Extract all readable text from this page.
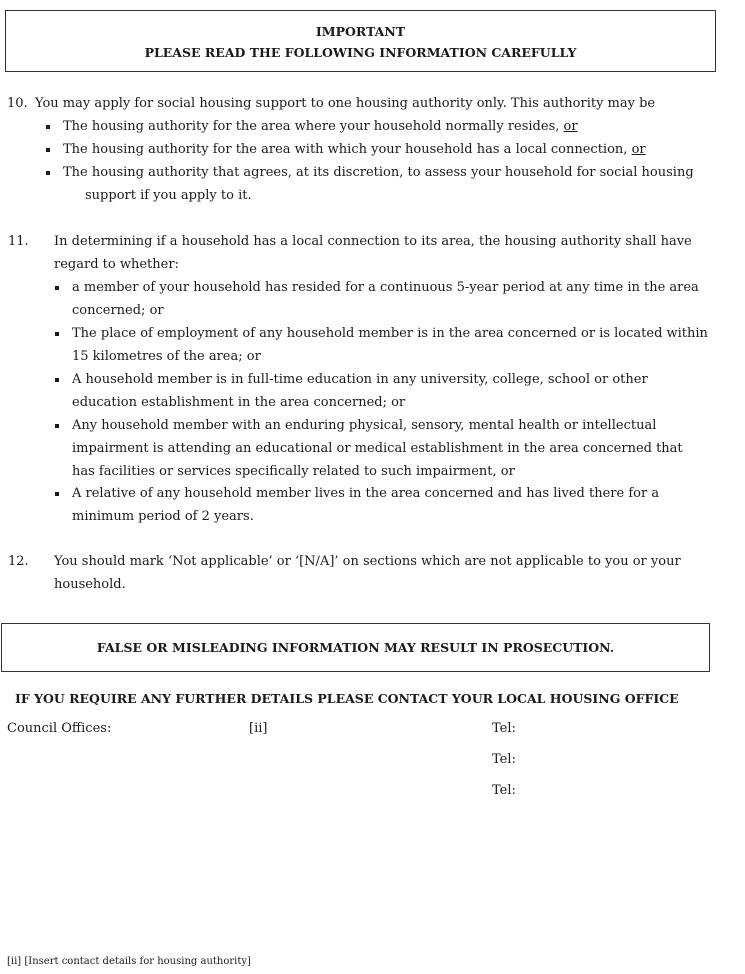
IMPORTANT
PLEASE READ THE FOLLOWING INFORMATION CAREFULLY
10. You may apply for social housing support to one housing authority only. This authority may be
The housing authority for the area where your household normally resides, or
The housing authority for the area with which your household has a local connection, or
The housing authority that agrees, at its discretion, to assess your household for social housing
support if you apply to it.
11. In determining if a household has a local connection to its area, the housing authority shall have
regard to whether:
a member of your household has resided for a continuous 5-year period at any time in the area
concerned; or
The place of employment of any household member is in the area concerned or is located within
15 kilometres of the area; or
A household member is in full-time education in any university, college, school or other
education establishment in the area concerned; or
Any household member with an enduring physical, sensory, mental health or intellectual
impairment is attending an educational or medical establishment in the area concerned that
has facilities or services specifically related to such impairment, or
A relative of any household member lives in the area concerned and has lived there for a
minimum period of 2 years.
12. You should mark ‘Not applicable’ or ‘[N/A]’ on sections which are not applicable to you or your
household.
FALSE OR MISLEADING INFORMATION MAY RESULT IN PROSECUTION.
IF YOU REQUIRE ANY FURTHER DETAILS PLEASE CONTACT YOUR LOCAL HOUSING OFFICE
Council Offices:	[ii]	Tel:
Tel:
Tel:
[ii] [Insert contact details for housing authority]
